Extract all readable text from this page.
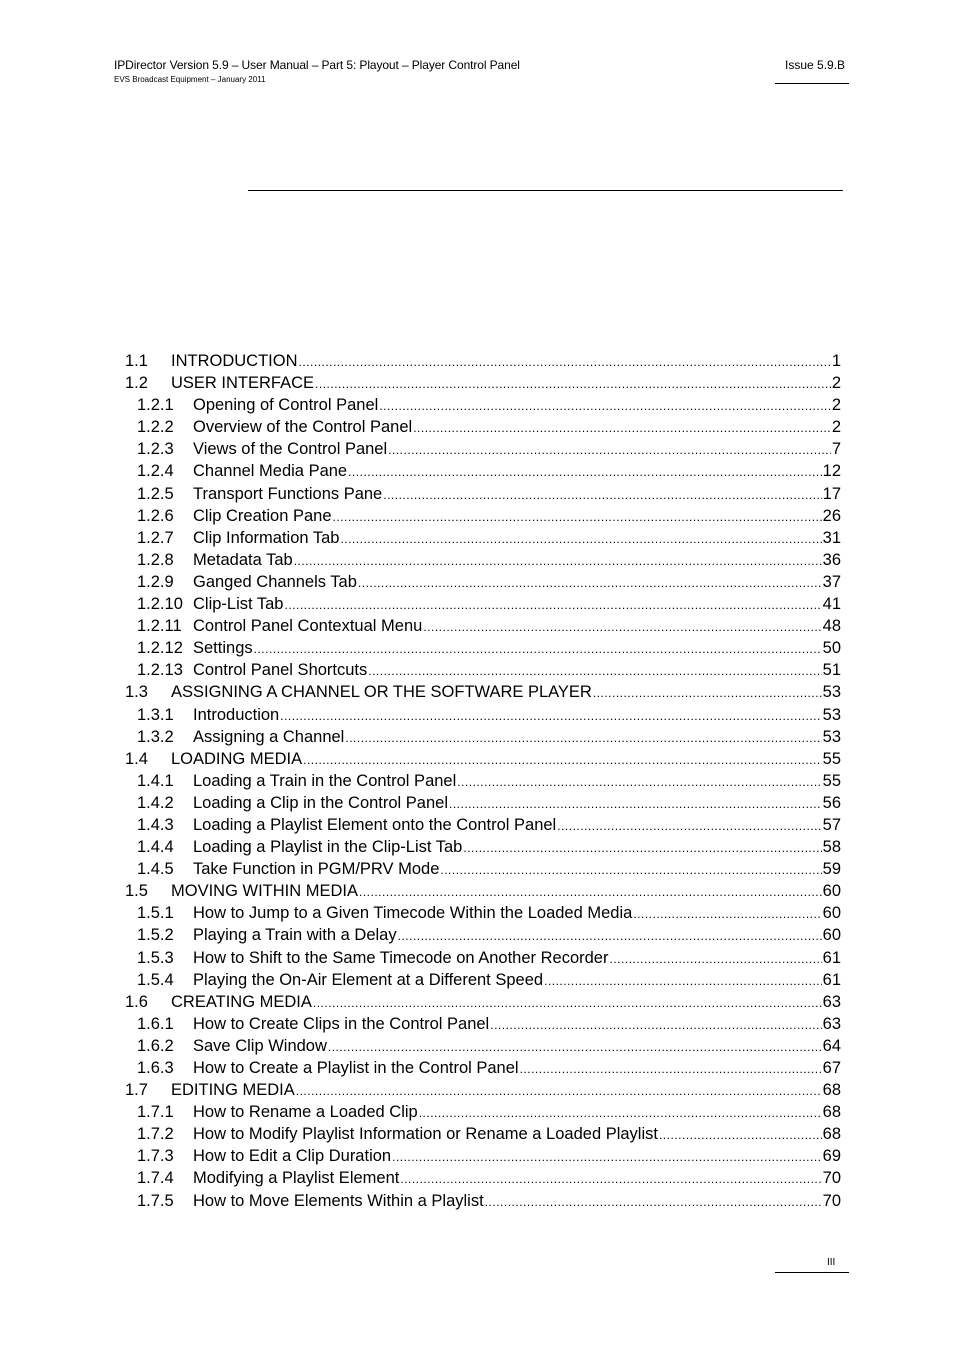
IPDirector Version 5.9 – User Manual – Part 5: Playout – Player Control Panel
EVS Broadcast Equipment – January 2011
Issue 5.9.B
1.1	INTRODUCTION .....	1
1.2	USER INTERFACE .....	2
1.2.1	Opening of Control Panel .....	2
1.2.2	Overview of the Control Panel .....	2
1.2.3	Views of the Control Panel .....	7
1.2.4	Channel Media Pane .....	12
1.2.5	Transport Functions Pane .....	17
1.2.6	Clip Creation Pane .....	26
1.2.7	Clip Information Tab .....	31
1.2.8	Metadata Tab .....	36
1.2.9	Ganged Channels Tab .....	37
1.2.10 Clip-List Tab .....	41
1.2.11 Control Panel Contextual Menu .....	48
1.2.12 Settings .....	50
1.2.13 Control Panel Shortcuts .....	51
1.3	ASSIGNING A CHANNEL OR THE SOFTWARE PLAYER .....	53
1.3.1	Introduction .....	53
1.3.2	Assigning a Channel .....	53
1.4	LOADING MEDIA .....	55
1.4.1	Loading a Train in the Control Panel .....	55
1.4.2	Loading a Clip in the Control Panel .....	56
1.4.3	Loading a Playlist Element onto the Control Panel .....	57
1.4.4	Loading a Playlist in the Clip-List Tab .....	58
1.4.5	Take Function in PGM/PRV Mode .....	59
1.5	MOVING WITHIN MEDIA .....	60
1.5.1	How to Jump to a Given Timecode Within the Loaded Media .....	60
1.5.2	Playing a Train with a Delay .....	60
1.5.3	How to Shift to the Same Timecode on Another Recorder .....	61
1.5.4	Playing the On-Air Element at a Different Speed .....	61
1.6	CREATING MEDIA .....	63
1.6.1	How to Create Clips in the Control Panel .....	63
1.6.2	Save Clip Window .....	64
1.6.3	How to Create a Playlist in the Control Panel .....	67
1.7	EDITING MEDIA .....	68
1.7.1	How to Rename a Loaded Clip .....	68
1.7.2	How to Modify Playlist Information or Rename a Loaded Playlist .....	68
1.7.3	How to Edit a Clip Duration .....	69
1.7.4	Modifying a Playlist Element .....	70
1.7.5	How to Move Elements Within a Playlist .....	70
III
